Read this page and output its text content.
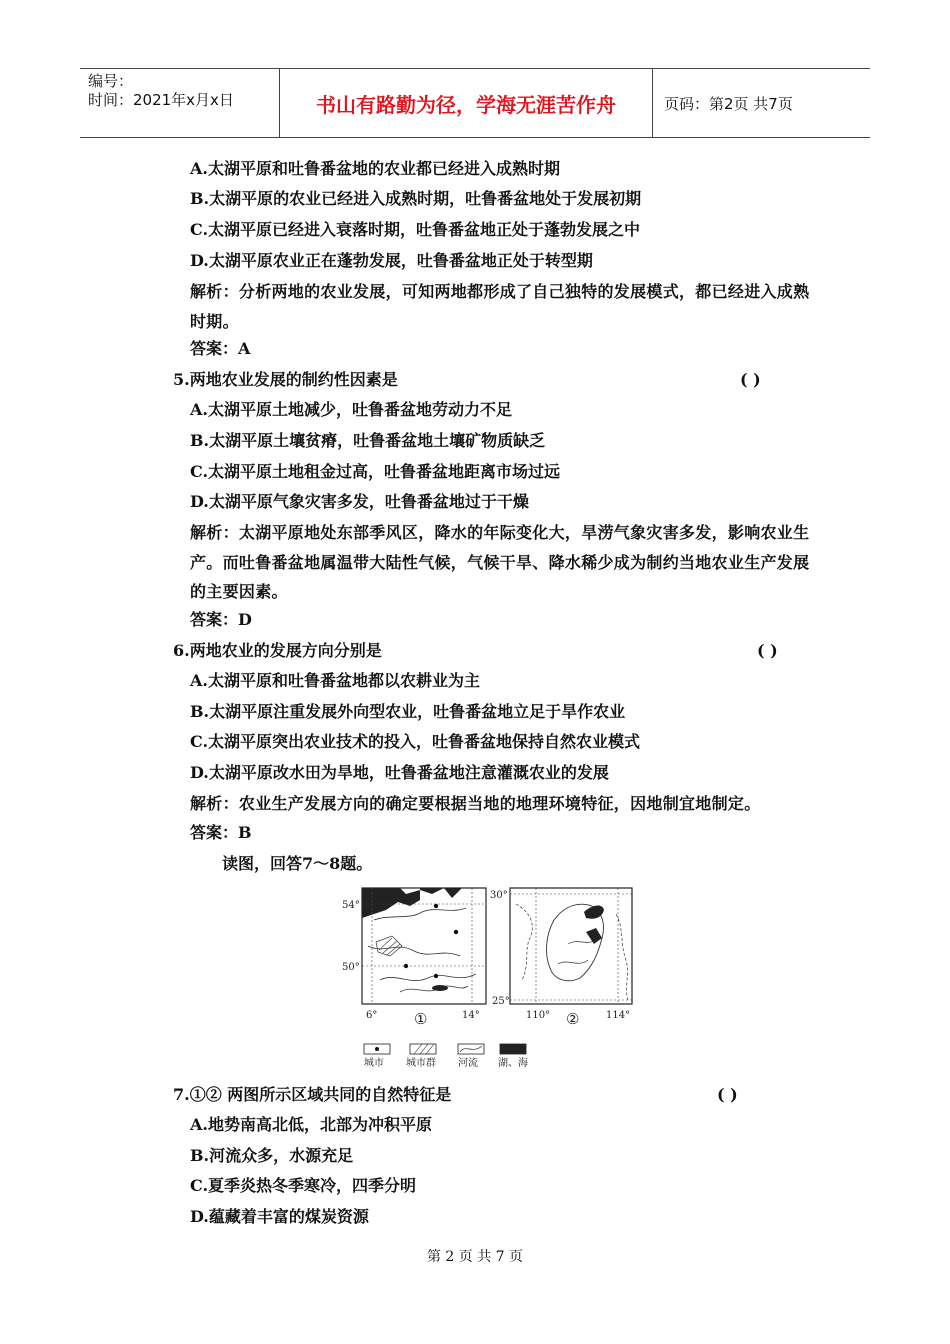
编号：
时间：2021年x月x日	书山有路勤为径，学海无涯苦作舟	页码：第2页 共7页
A.太湖平原和吐鲁番盆地的农业都已经进入成熟时期
B.太湖平原的农业已经进入成熟时期，吐鲁番盆地处于发展初期
C.太湖平原已经进入衰落时期，吐鲁番盆地正处于蓬勃发展之中
D.太湖平原农业正在蓬勃发展，吐鲁番盆地正处于转型期
解析：分析两地的农业发展，可知两地都形成了自己独特的发展模式，都已经进入成熟时期。
答案：A
5.两地农业发展的制约性因素是	( )
A.太湖平原土地减少，吐鲁番盆地劳动力不足
B.太湖平原土壤贫瘠，吐鲁番盆地土壤矿物质缺乏
C.太湖平原土地租金过高，吐鲁番盆地距离市场过远
D.太湖平原气象灾害多发，吐鲁番盆地过于干燥
解析：太湖平原地处东部季风区，降水的年际变化大，旱涝气象灾害多发，影响农业生产。而吐鲁番盆地属温带大陆性气候，气候干旱、降水稀少成为制约当地农业生产发展的主要因素。
答案：D
6.两地农业的发展方向分别是	( )
A.太湖平原和吐鲁番盆地都以农耕业为主
B.太湖平原注重发展外向型农业，吐鲁番盆地立足于旱作农业
C.太湖平原突出农业技术的投入，吐鲁番盆地保持自然农业模式
D.太湖平原改水田为旱地，吐鲁番盆地注意灌溉农业的发展
解析：农业生产发展方向的确定要根据当地的地理环境特征，因地制宜地制定。
答案：B
读图，回答7～8题。
54°
50°
6°	14°
①
30°
25°
110°	114°
②
城市 城市群 河流 湖、海
7.①② 两图所示区域共同的自然特征是	( )
A.地势南高北低，北部为冲积平原
B.河流众多，水源充足
C.夏季炎热冬季寒冷，四季分明
D.蕴藏着丰富的煤炭资源
第 2 页 共 7 页
